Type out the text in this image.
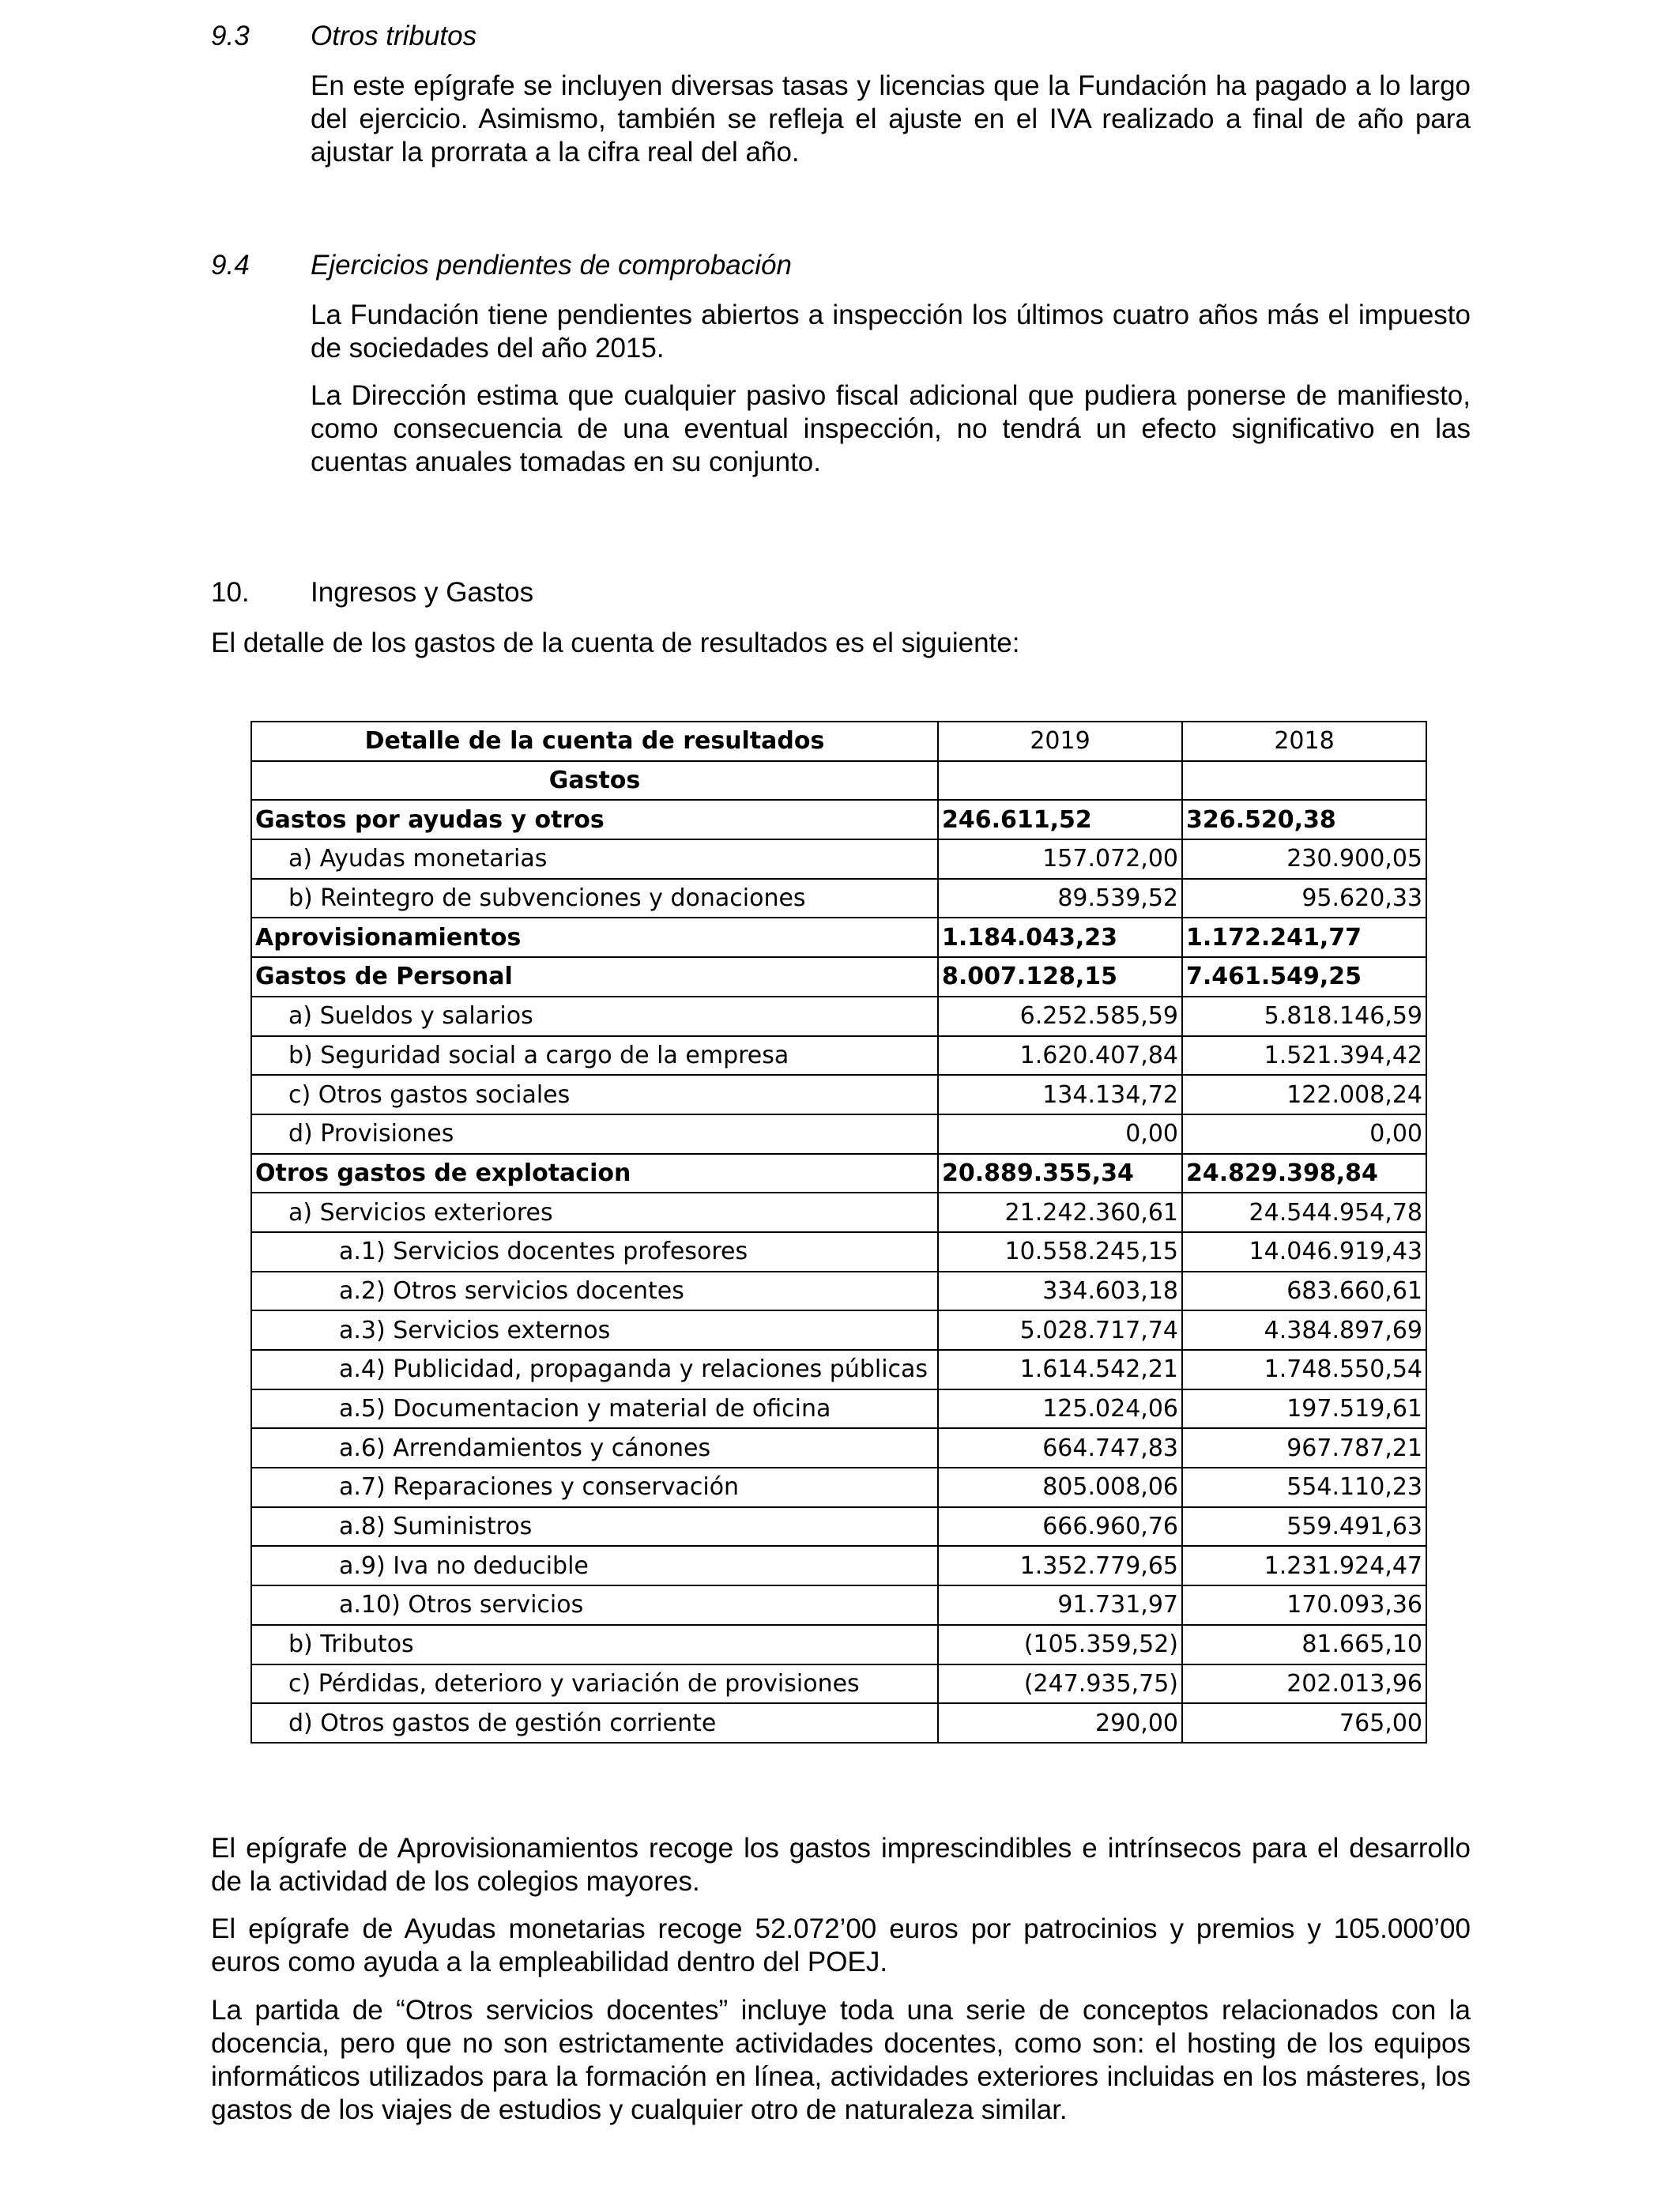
9.3 Otros tributos
En este epígrafe se incluyen diversas tasas y licencias que la Fundación ha pagado a lo largo del ejercicio. Asimismo, también se refleja el ajuste en el IVA realizado a final de año para ajustar la prorrata a la cifra real del año.
9.4 Ejercicios pendientes de comprobación
La Fundación tiene pendientes abiertos a inspección los últimos cuatro años más el impuesto de sociedades del año 2015.
La Dirección estima que cualquier pasivo fiscal adicional que pudiera ponerse de manifiesto, como consecuencia de una eventual inspección, no tendrá un efecto significativo en las cuentas anuales tomadas en su conjunto.
10. Ingresos y Gastos
El detalle de los gastos de la cuenta de resultados es el siguiente:
Detalle de la cuenta de resultados	2019	2018
Gastos		
Gastos por ayudas y otros	246.611,52	326.520,38
a) Ayudas monetarias	157.072,00	230.900,05
b) Reintegro de subvenciones y donaciones	89.539,52	95.620,33
Aprovisionamientos	1.184.043,23	1.172.241,77
Gastos de Personal	8.007.128,15	7.461.549,25
a) Sueldos y salarios	6.252.585,59	5.818.146,59
b) Seguridad social a cargo de la empresa	1.620.407,84	1.521.394,42
c) Otros gastos sociales	134.134,72	122.008,24
d) Provisiones	0,00	0,00
Otros gastos de explotacion	20.889.355,34	24.829.398,84
a) Servicios exteriores	21.242.360,61	24.544.954,78
a.1) Servicios docentes profesores	10.558.245,15	14.046.919,43
a.2) Otros servicios docentes	334.603,18	683.660,61
a.3) Servicios externos	5.028.717,74	4.384.897,69
a.4) Publicidad, propaganda y relaciones públicas	1.614.542,21	1.748.550,54
a.5) Documentacion y material de oficina	125.024,06	197.519,61
a.6) Arrendamientos y cánones	664.747,83	967.787,21
a.7) Reparaciones y conservación	805.008,06	554.110,23
a.8) Suministros	666.960,76	559.491,63
a.9) Iva no deducible	1.352.779,65	1.231.924,47
a.10) Otros servicios	91.731,97	170.093,36
b) Tributos	(105.359,52)	81.665,10
c) Pérdidas, deterioro y variación de provisiones	(247.935,75)	202.013,96
d) Otros gastos de gestión corriente	290,00	765,00
El epígrafe de Aprovisionamientos recoge los gastos imprescindibles e intrínsecos para el desarrollo de la actividad de los colegios mayores.
El epígrafe de Ayudas monetarias recoge 52.072’00 euros por patrocinios y premios y 105.000’00 euros como ayuda a la empleabilidad dentro del POEJ.
La partida de “Otros servicios docentes” incluye toda una serie de conceptos relacionados con la docencia, pero que no son estrictamente actividades docentes, como son: el hosting de los equipos informáticos utilizados para la formación en línea, actividades exteriores incluidas en los másteres, los gastos de los viajes de estudios y cualquier otro de naturaleza similar.
